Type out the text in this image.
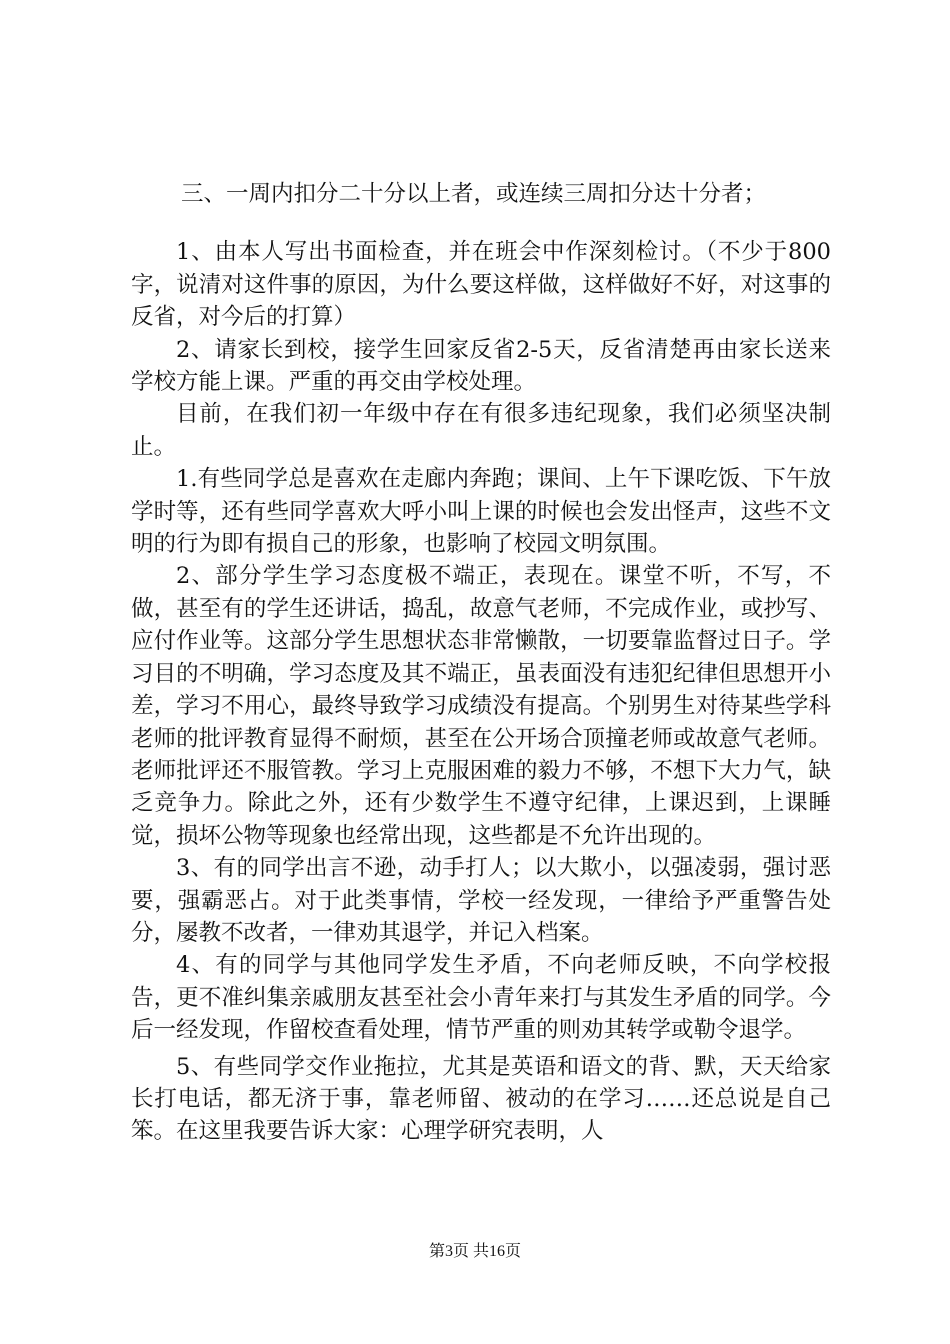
三、一周内扣分二十分以上者，或连续三周扣分达十分者；

1、由本人写出书面检查，并在班会中作深刻检讨。（不少于800字，说清对这件事的原因，为什么要这样做，这样做好不好，对这事的反省，对今后的打算）

2、请家长到校，接学生回家反省2-5天，反省清楚再由家长送来学校方能上课。严重的再交由学校处理。

目前，在我们初一年级中存在有很多违纪现象，我们必须坚决制止。

1.有些同学总是喜欢在走廊内奔跑；课间、上午下课吃饭、下午放学时等，还有些同学喜欢大呼小叫上课的时候也会发出怪声，这些不文明的行为即有损自己的形象，也影响了校园文明氛围。

2、部分学生学习态度极不端正，表现在。课堂不听，不写，不做，甚至有的学生还讲话，捣乱，故意气老师，不完成作业，或抄写、应付作业等。这部分学生思想状态非常懒散，一切要靠监督过日子。学习目的不明确，学习态度及其不端正，虽表面没有违犯纪律但思想开小差，学习不用心，最终导致学习成绩没有提高。个别男生对待某些学科老师的批评教育显得不耐烦，甚至在公开场合顶撞老师或故意气老师。老师批评还不服管教。学习上克服困难的毅力不够，不想下大力气，缺乏竞争力。除此之外，还有少数学生不遵守纪律，上课迟到，上课睡觉，损坏公物等现象也经常出现，这些都是不允许出现的。

3、有的同学出言不逊，动手打人；以大欺小，以强凌弱，强讨恶要，强霸恶占。对于此类事情，学校一经发现，一律给予严重警告处分，屡教不改者，一律劝其退学，并记入档案。

4、有的同学与其他同学发生矛盾，不向老师反映，不向学校报告，更不准纠集亲戚朋友甚至社会小青年来打与其发生矛盾的同学。今后一经发现，作留校查看处理，情节严重的则劝其转学或勒令退学。

5、有些同学交作业拖拉，尤其是英语和语文的背、默，天天给家长打电话，都无济于事，靠老师留、被动的在学习……还总说是自己笨。在这里我要告诉大家：心理学研究表明，人

第3页 共16页
